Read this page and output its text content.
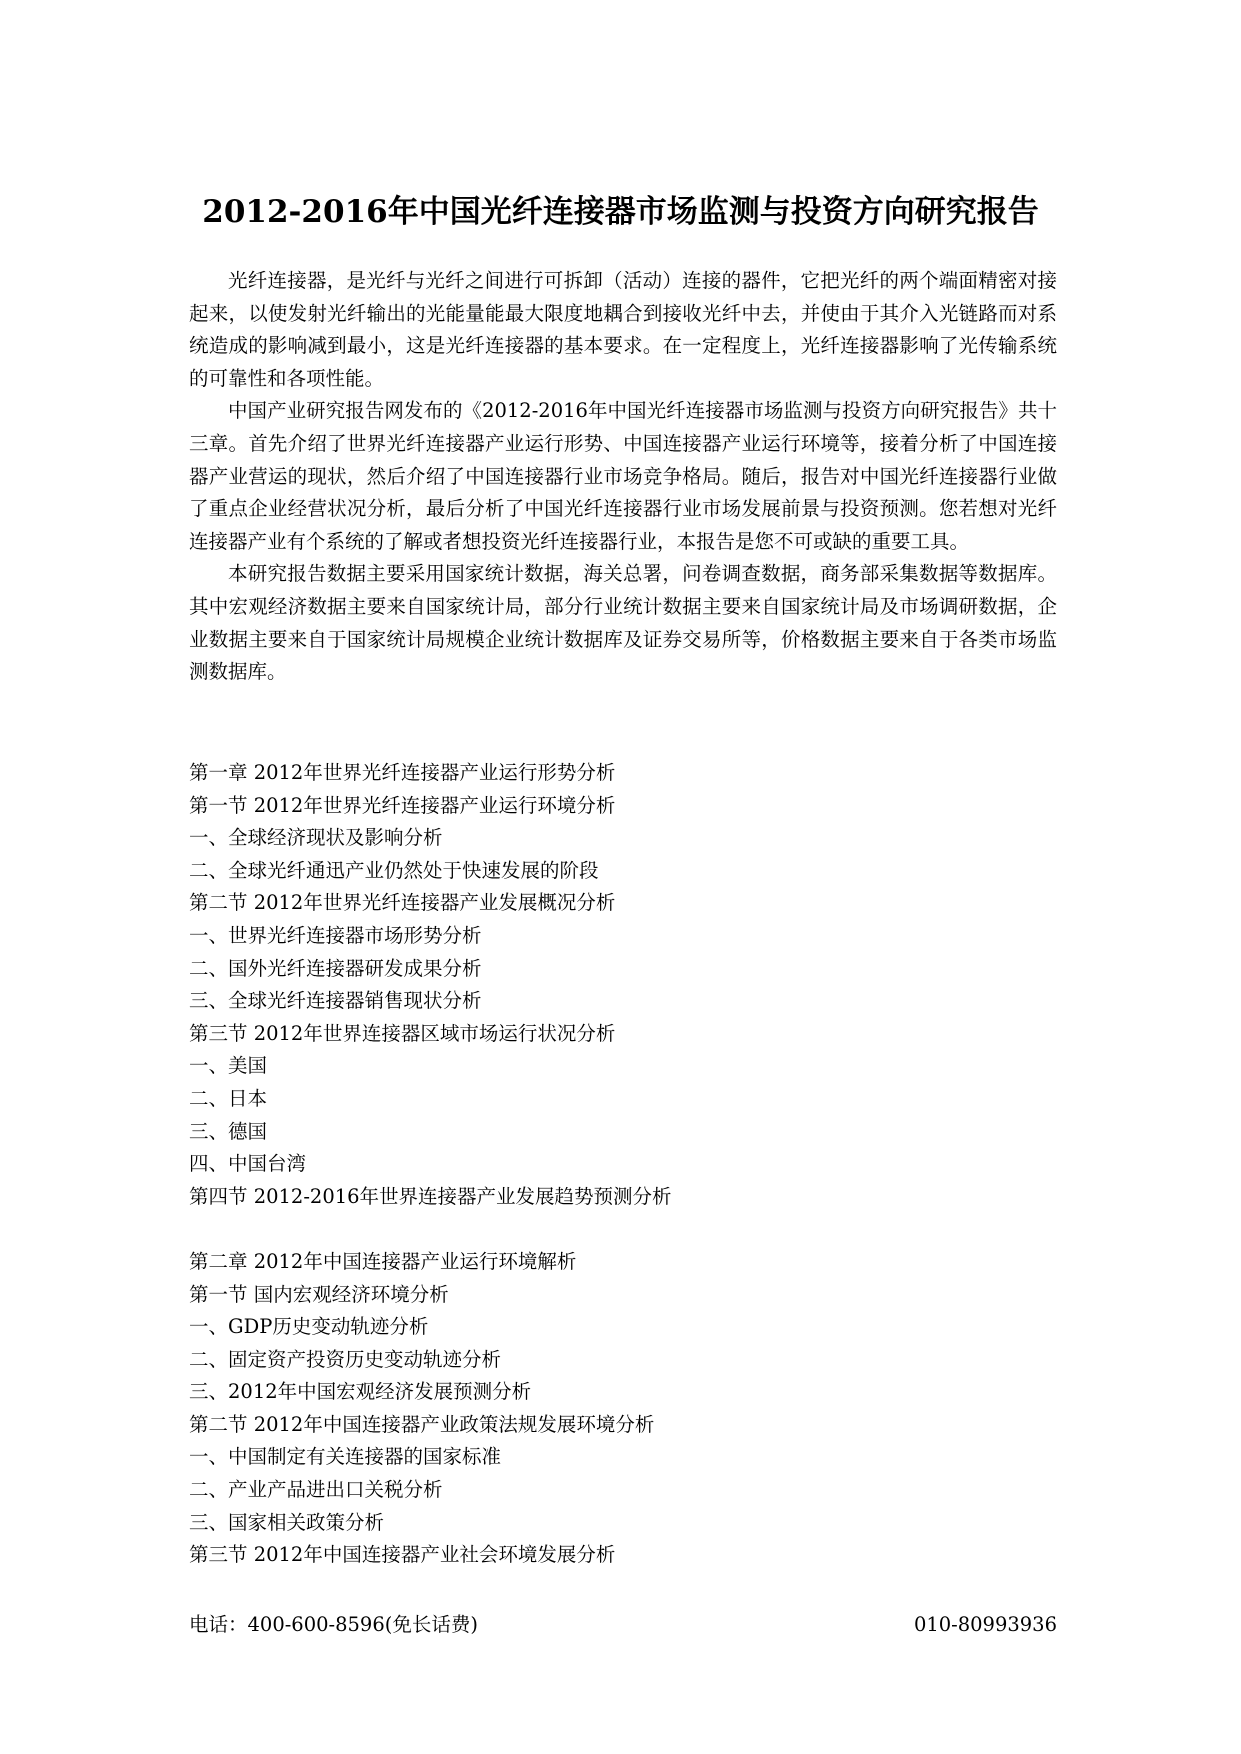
2012-2016年中国光纤连接器市场监测与投资方向研究报告

光纤连接器，是光纤与光纤之间进行可拆卸（活动）连接的器件，它把光纤的两个端面精密对接起来，以使发射光纤输出的光能量能最大限度地耦合到接收光纤中去，并使由于其介入光链路而对系统造成的影响减到最小，这是光纤连接器的基本要求。在一定程度上，光纤连接器影响了光传输系统的可靠性和各项性能。

中国产业研究报告网发布的《2012-2016年中国光纤连接器市场监测与投资方向研究报告》共十三章。首先介绍了世界光纤连接器产业运行形势、中国连接器产业运行环境等，接着分析了中国连接器产业营运的现状，然后介绍了中国连接器行业市场竞争格局。随后，报告对中国光纤连接器行业做了重点企业经营状况分析，最后分析了中国光纤连接器行业市场发展前景与投资预测。您若想对光纤连接器产业有个系统的了解或者想投资光纤连接器行业，本报告是您不可或缺的重要工具。

本研究报告数据主要采用国家统计数据，海关总署，问卷调查数据，商务部采集数据等数据库。其中宏观经济数据主要来自国家统计局，部分行业统计数据主要来自国家统计局及市场调研数据，企业数据主要来自于国家统计局规模企业统计数据库及证券交易所等，价格数据主要来自于各类市场监测数据库。

第一章 2012年世界光纤连接器产业运行形势分析
第一节 2012年世界光纤连接器产业运行环境分析
一、全球经济现状及影响分析
二、全球光纤通迅产业仍然处于快速发展的阶段
第二节 2012年世界光纤连接器产业发展概况分析
一、世界光纤连接器市场形势分析
二、国外光纤连接器研发成果分析
三、全球光纤连接器销售现状分析
第三节 2012年世界连接器区域市场运行状况分析
一、美国
二、日本
三、德国
四、中国台湾
第四节 2012-2016年世界连接器产业发展趋势预测分析
第二章 2012年中国连接器产业运行环境解析
第一节 国内宏观经济环境分析
一、GDP历史变动轨迹分析
二、固定资产投资历史变动轨迹分析
三、2012年中国宏观经济发展预测分析
第二节 2012年中国连接器产业政策法规发展环境分析
一、中国制定有关连接器的国家标准
二、产业产品进出口关税分析
三、国家相关政策分析
第三节 2012年中国连接器产业社会环境发展分析
电话：400-600-8596(免长话费)	010-80993936
